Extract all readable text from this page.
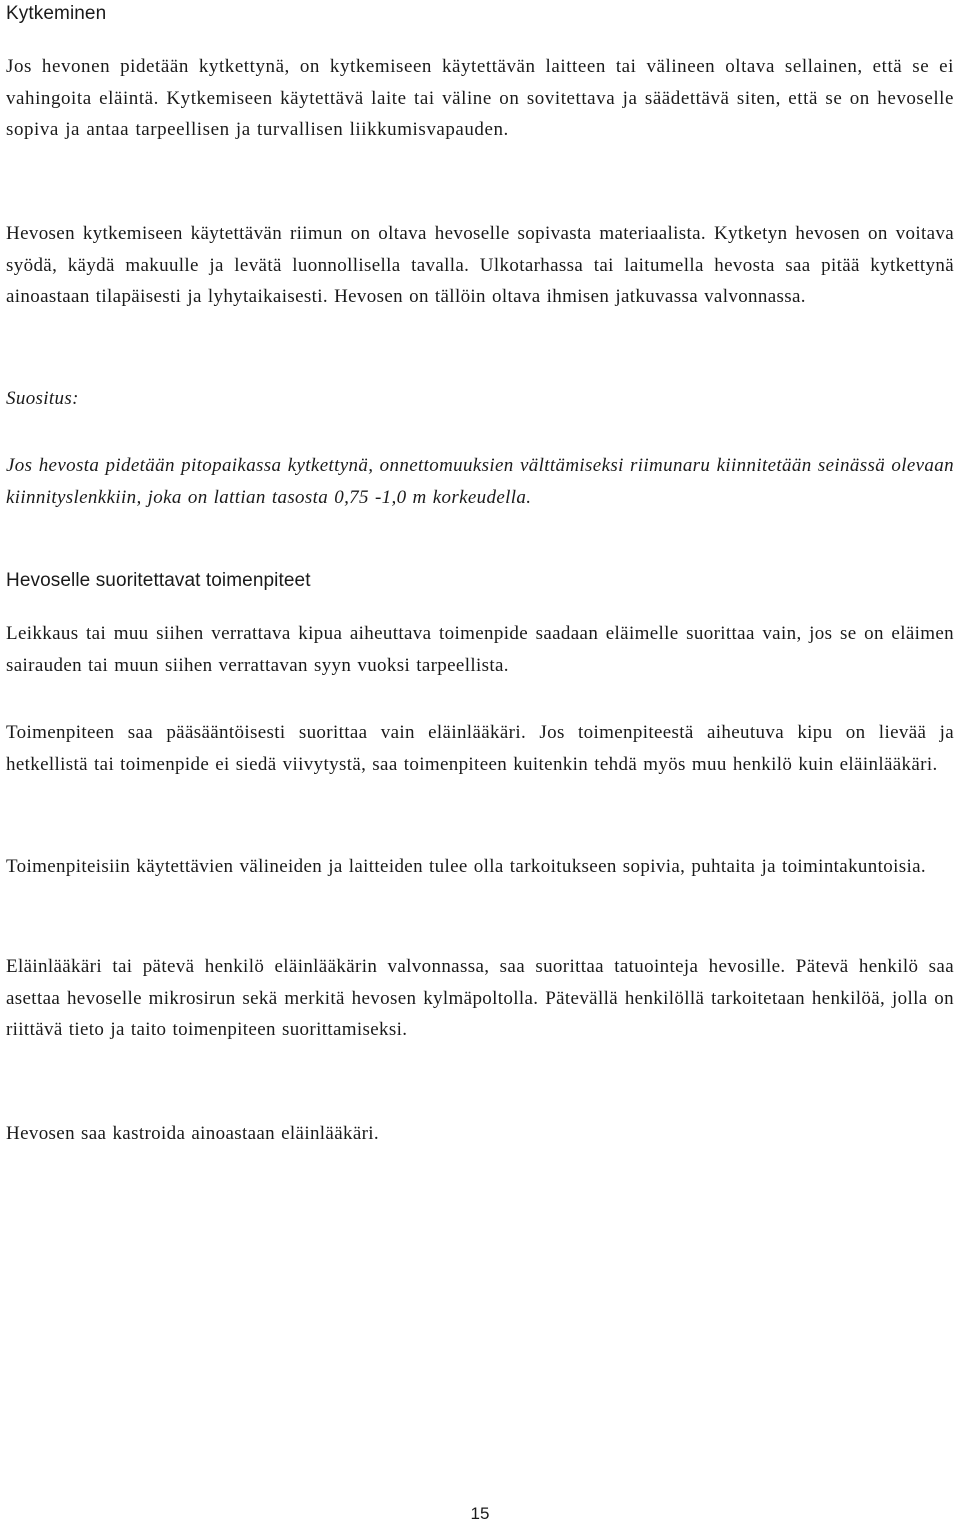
Kytkeminen

Jos hevonen pidetään kytkettynä, on kytkemiseen käytettävän laitteen tai välineen oltava sellainen, että se ei vahingoita eläintä. Kytkemiseen käytettävä laite tai väline on sovitettava ja säädettävä siten, että se on hevoselle sopiva ja antaa tarpeellisen ja turvallisen liikkumisvapauden.

Hevosen kytkemiseen käytettävän riimun on oltava hevoselle sopivasta materiaalista. Kytketyn hevosen on voitava syödä, käydä makuulle ja levätä luonnollisella tavalla. Ulkotarhassa tai laitumella hevosta saa pitää kytkettynä ainoastaan tilapäisesti ja lyhytaikaisesti. Hevosen on tällöin oltava ihmisen jatkuvassa valvonnassa.

Suositus:

Jos hevosta pidetään pitopaikassa kytkettynä, onnettomuuksien välttämiseksi riimunaru kiinnitetään seinässä olevaan kiinnityslenkkiin, joka on lattian tasosta 0,75 -1,0 m korkeudella.

Hevoselle suoritettavat toimenpiteet

Leikkaus tai muu siihen verrattava kipua aiheuttava toimenpide saadaan eläimelle suorittaa vain, jos se on eläimen sairauden tai muun siihen verrattavan syyn vuoksi tarpeellista.

Toimenpiteen saa pääsääntöisesti suorittaa vain eläinlääkäri. Jos toimenpiteestä aiheutuva kipu on lievää ja hetkellistä tai toimenpide ei siedä viivytystä, saa toimenpiteen kuitenkin tehdä myös muu henkilö kuin eläinlääkäri.

Toimenpiteisiin käytettävien välineiden ja laitteiden tulee olla tarkoitukseen sopivia, puhtaita ja toimintakuntoisia.

Eläinlääkäri tai pätevä henkilö eläinlääkärin valvonnassa, saa suorittaa tatuointeja hevosille. Pätevä henkilö saa asettaa hevoselle mikrosirun sekä merkitä hevosen kylmäpoltolla. Pätevällä henkilöllä tarkoitetaan henkilöä, jolla on riittävä tieto ja taito toimenpiteen suorittamiseksi.

Hevosen saa kastroida ainoastaan eläinlääkäri.

15
